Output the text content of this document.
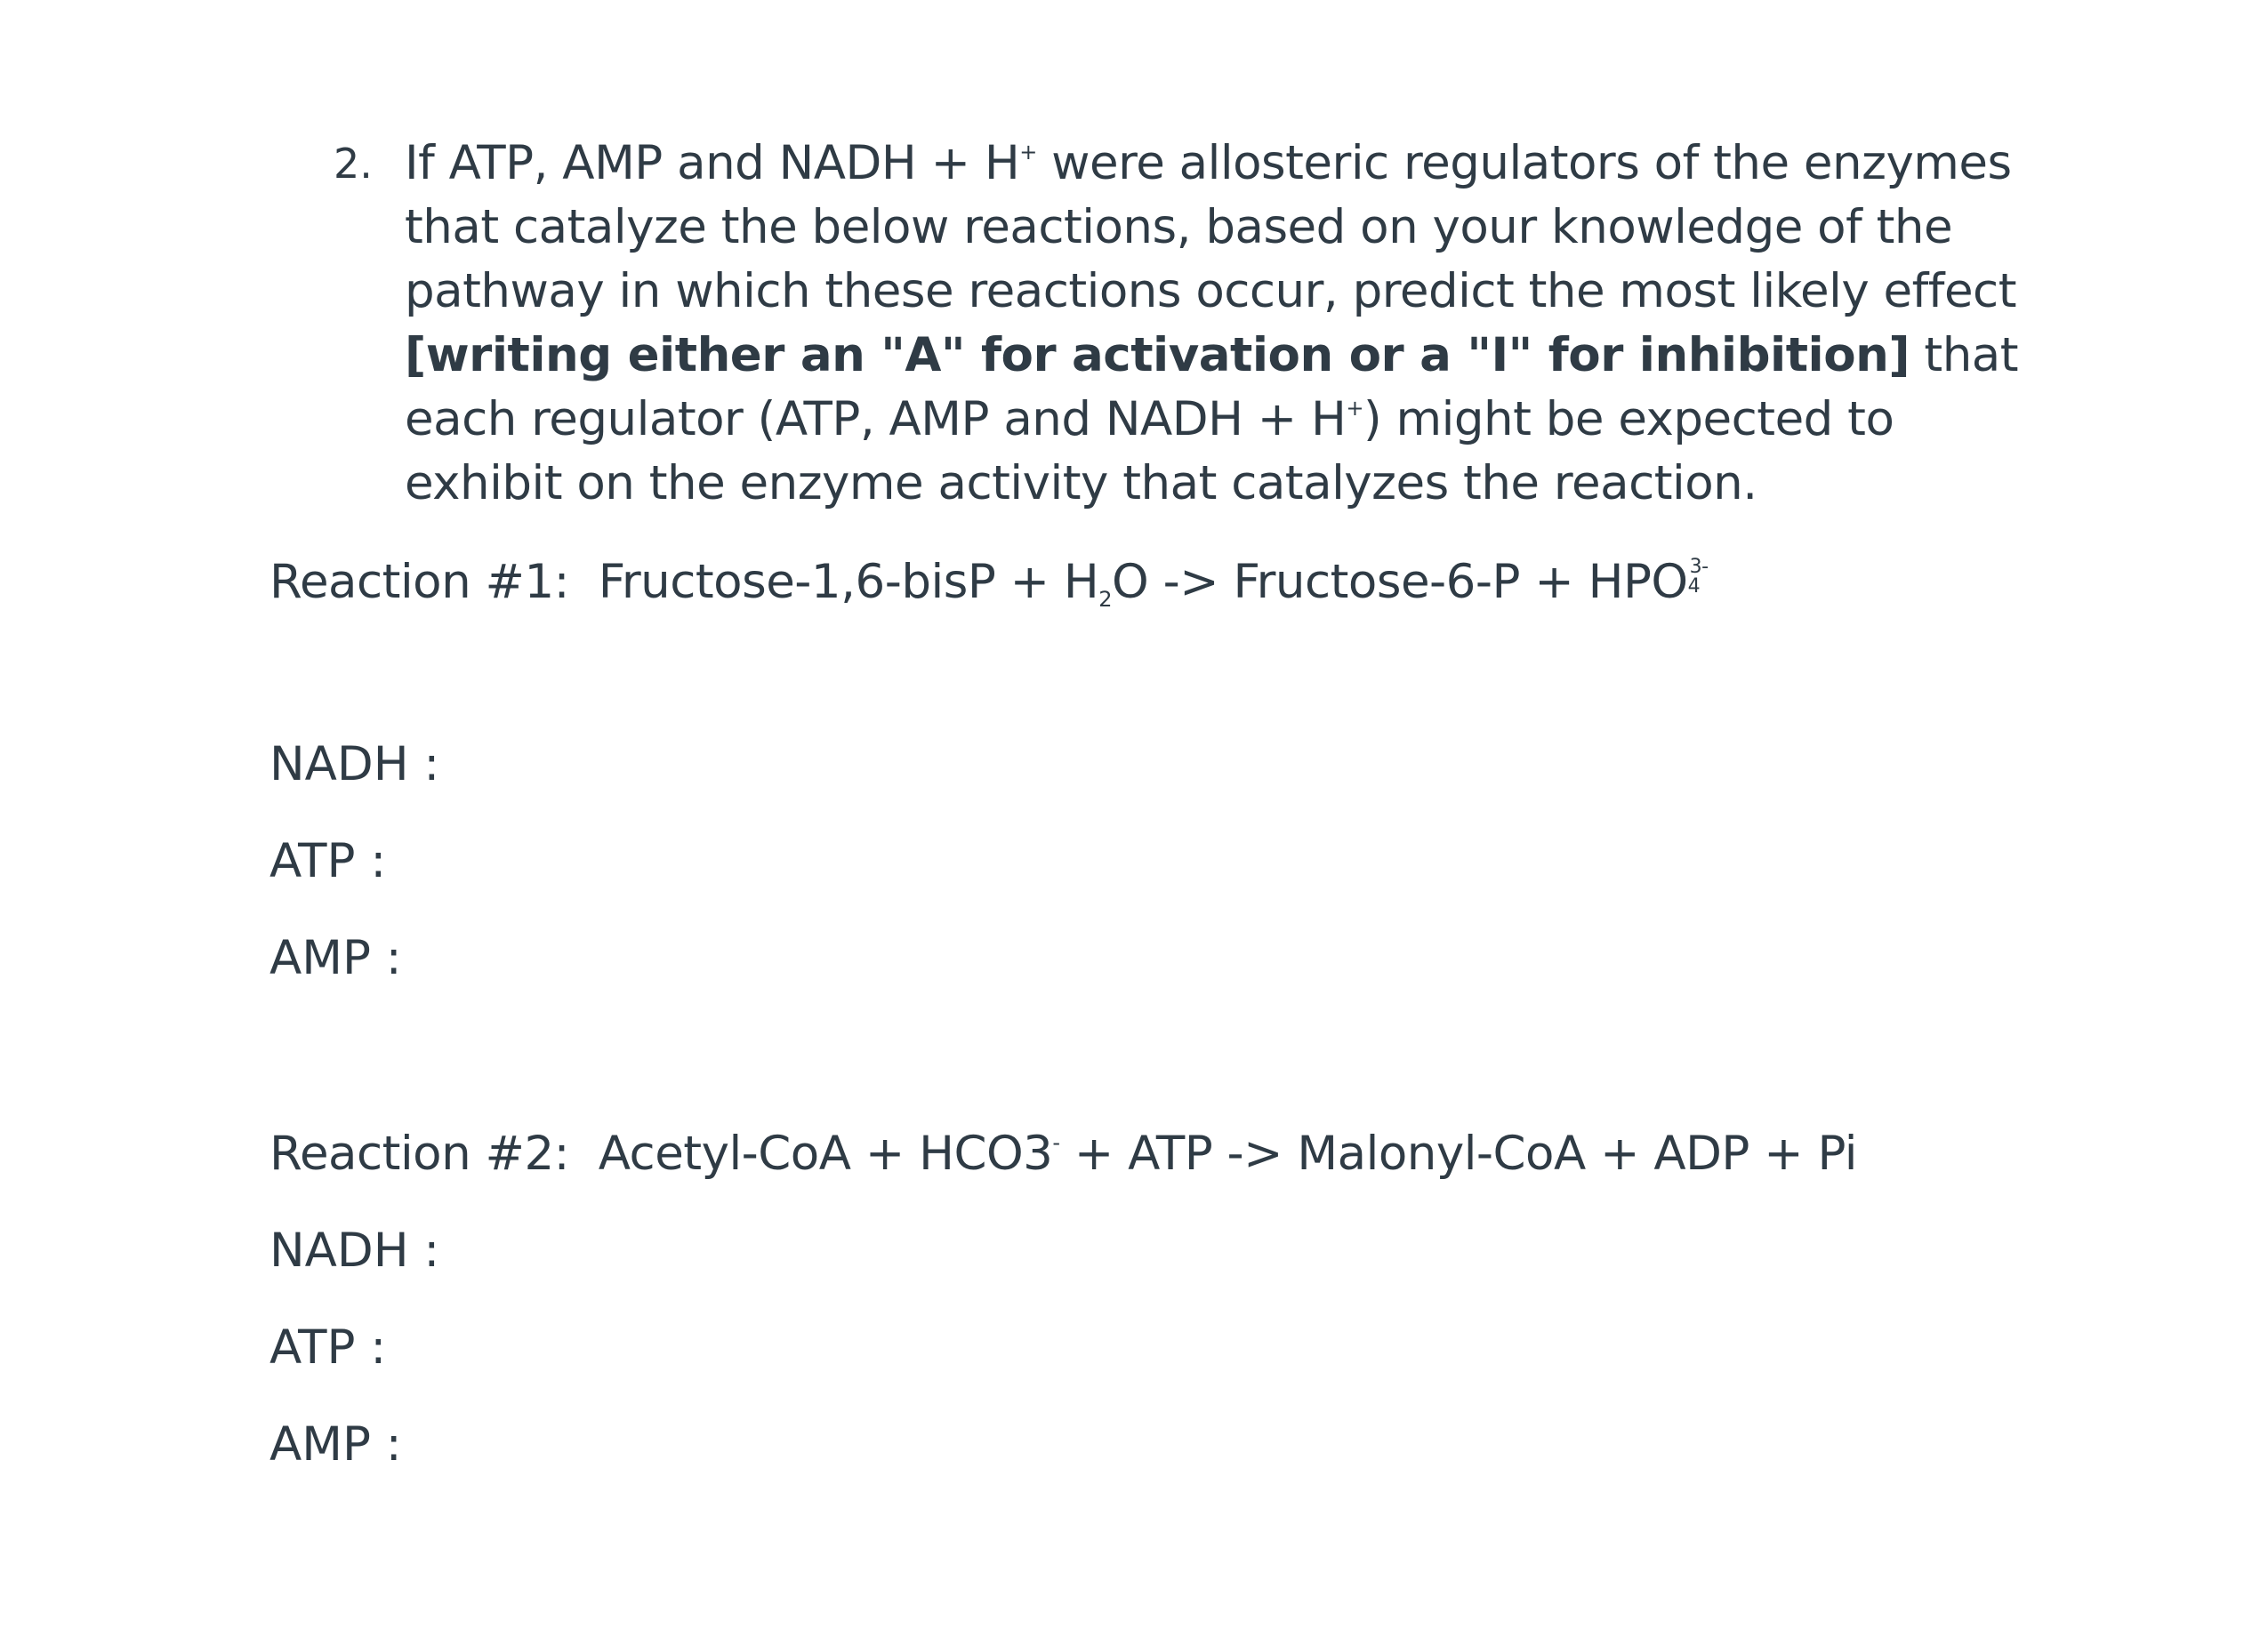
2. If ATP, AMP and NADH + H+ were allosteric regulators of the enzymes that catalyze the below reactions, based on your knowledge of the pathway in which these reactions occur, predict the most likely effect [writing either an "A" for activation or a "I" for inhibition] that each regulator (ATP, AMP and NADH + H+) might be expected to exhibit on the enzyme activity that catalyzes the reaction.
Reaction #1: Fructose-1,6-bisP + $H_2O$ -> Fructose-6-P + HPO 3-
4
NADH :
ATP :
AMP :
Reaction #2: Acetyl-CoA + HCO3- + ATP -> Malonyl-CoA + ADP + Pi
NADH :
ATP :
AMP :
